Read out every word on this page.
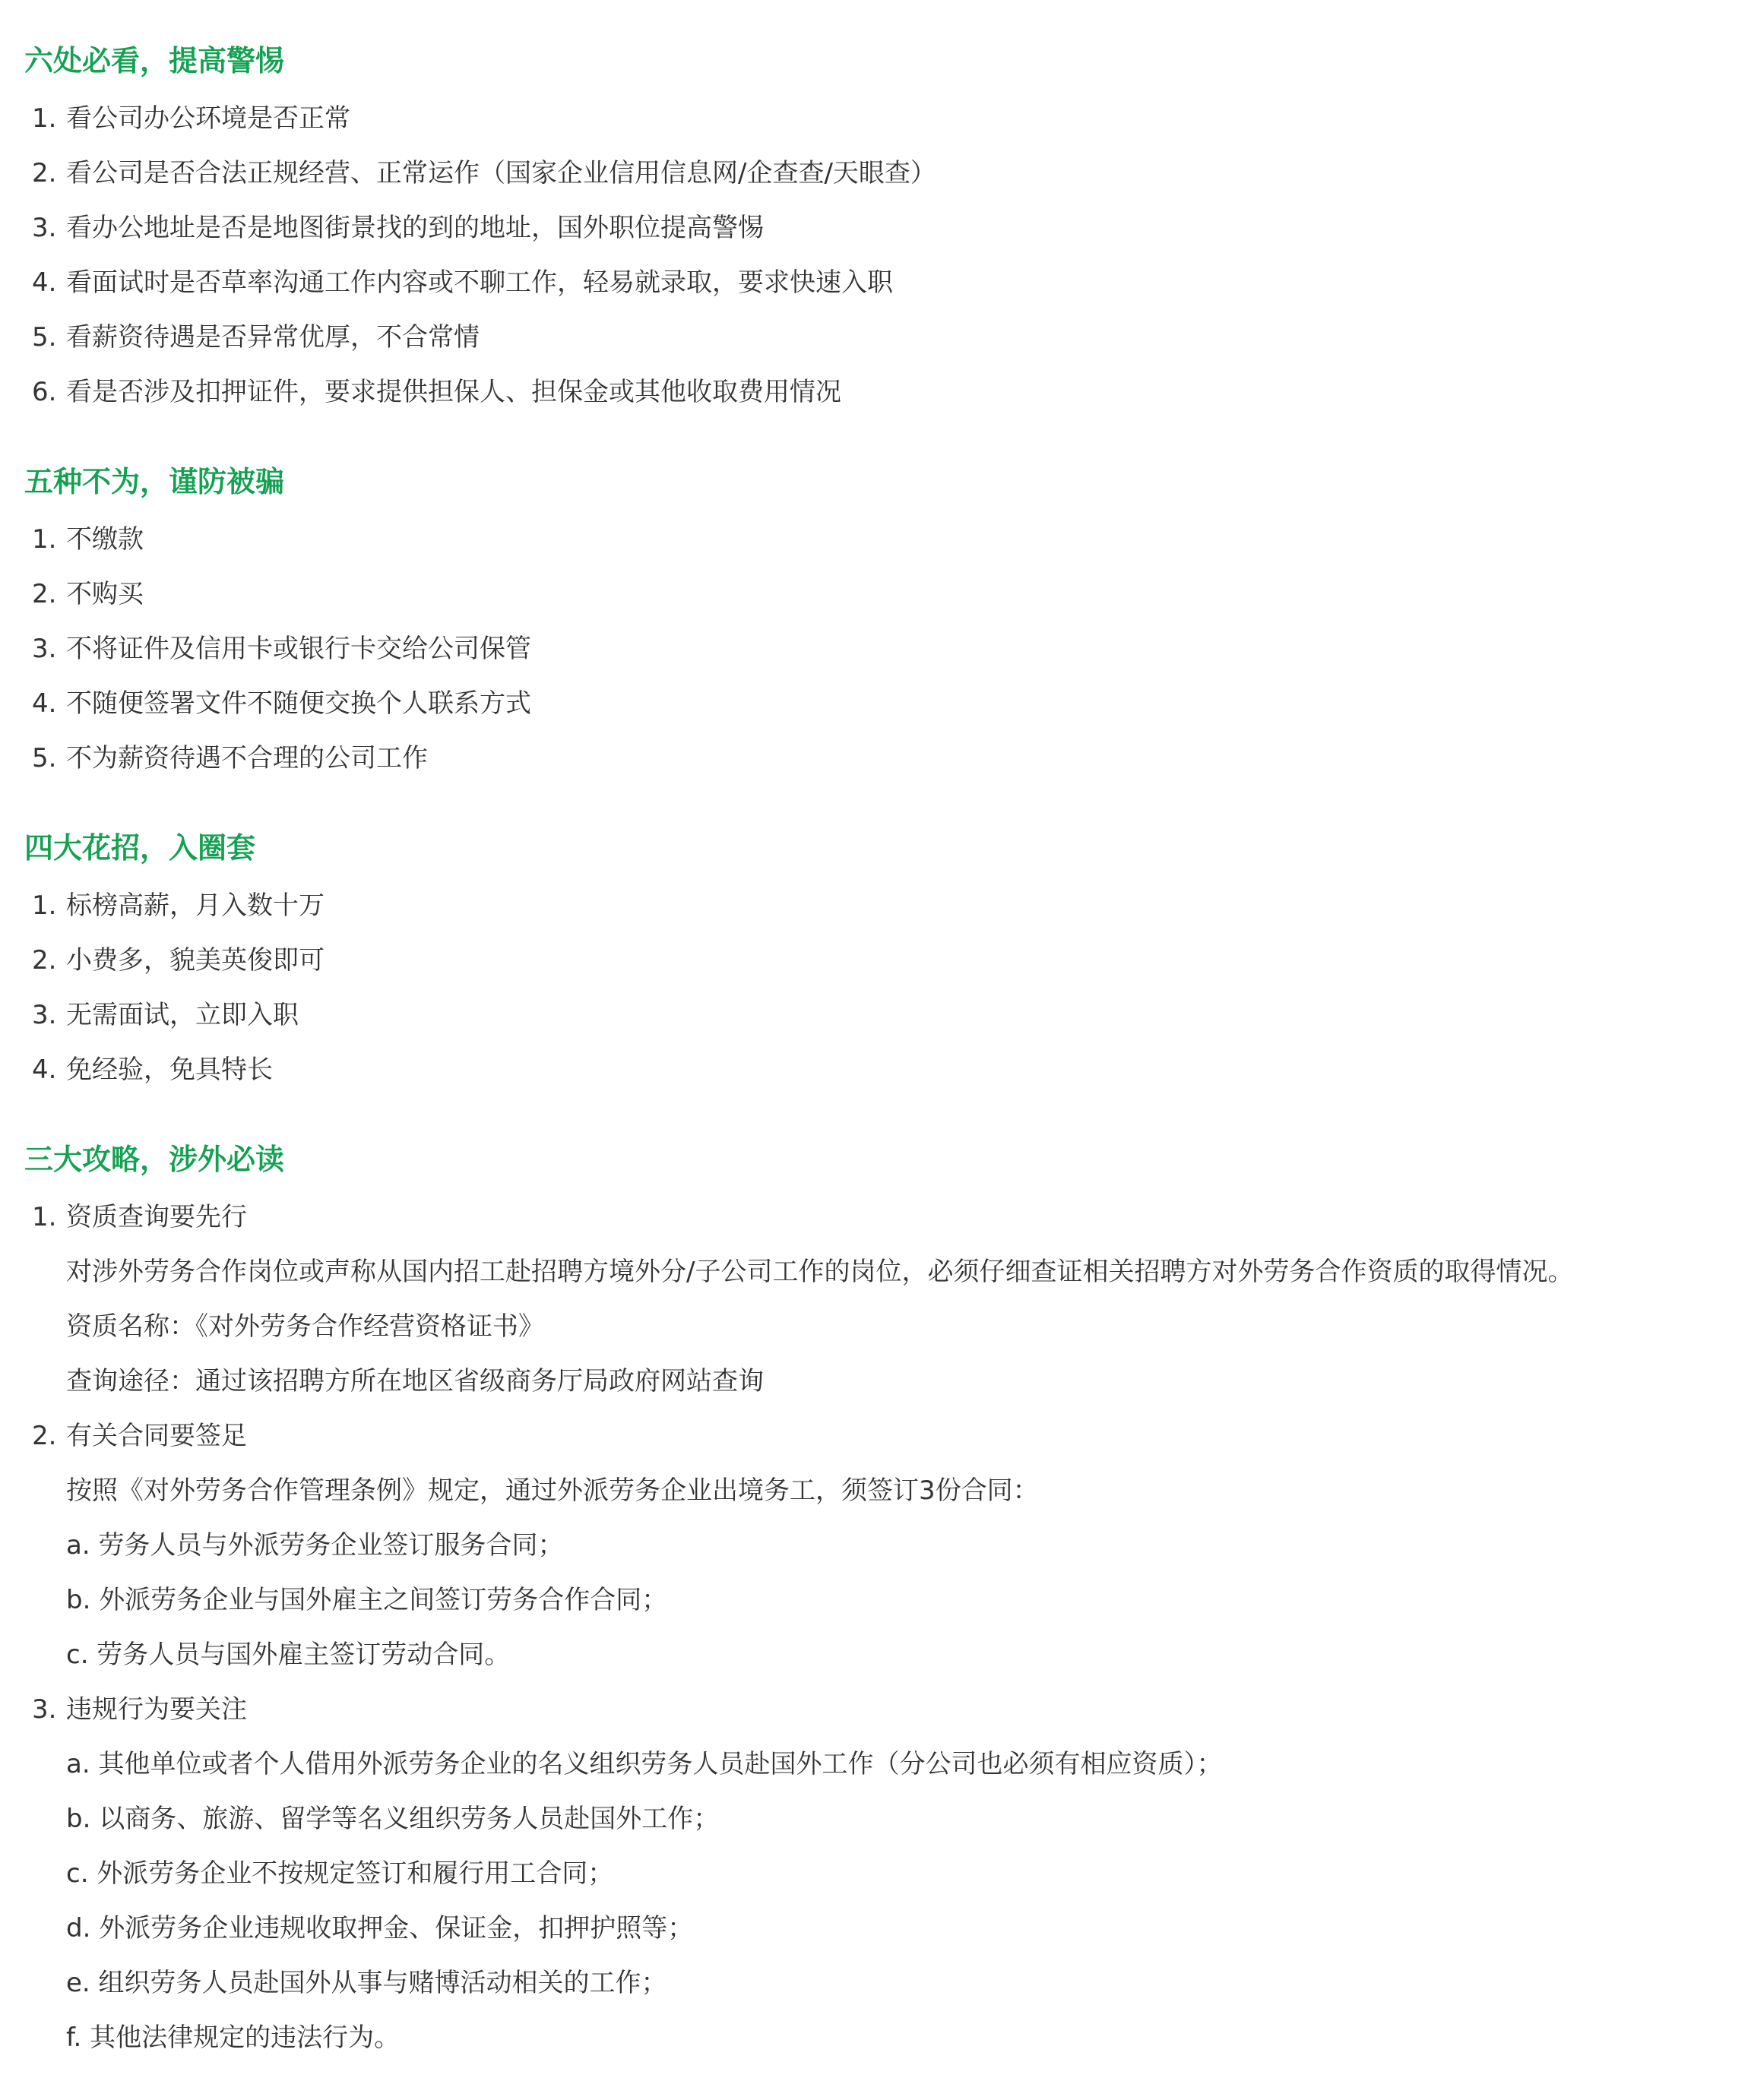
六处必看，提高警惕
1. 看公司办公环境是否正常
2. 看公司是否合法正规经营、正常运作（国家企业信用信息网/企查查/天眼查）
3. 看办公地址是否是地图街景找的到的地址，国外职位提高警惕
4. 看面试时是否草率沟通工作内容或不聊工作，轻易就录取，要求快速入职
5. 看薪资待遇是否异常优厚，不合常情
6. 看是否涉及扣押证件，要求提供担保人、担保金或其他收取费用情况
五种不为，谨防被骗
1. 不缴款
2. 不购买
3. 不将证件及信用卡或银行卡交给公司保管
4. 不随便签署文件不随便交换个人联系方式
5. 不为薪资待遇不合理的公司工作
四大花招，入圈套
1. 标榜高薪，月入数十万
2. 小费多，貌美英俊即可
3. 无需面试，立即入职
4. 免经验，免具特长
三大攻略，涉外必读
1. 资质查询要先行
对涉外劳务合作岗位或声称从国内招工赴招聘方境外分/子公司工作的岗位，必须仔细查证相关招聘方对外劳务合作资质的取得情况。
资质名称：《对外劳务合作经营资格证书》
查询途径：通过该招聘方所在地区省级商务厅局政府网站查询
2. 有关合同要签足
按照《对外劳务合作管理条例》规定，通过外派劳务企业出境务工，须签订3份合同：
a. 劳务人员与外派劳务企业签订服务合同；
b. 外派劳务企业与国外雇主之间签订劳务合作合同；
c. 劳务人员与国外雇主签订劳动合同。
3. 违规行为要关注
a. 其他单位或者个人借用外派劳务企业的名义组织劳务人员赴国外工作（分公司也必须有相应资质）；
b. 以商务、旅游、留学等名义组织劳务人员赴国外工作；
c. 外派劳务企业不按规定签订和履行用工合同；
d. 外派劳务企业违规收取押金、保证金，扣押护照等；
e. 组织劳务人员赴国外从事与赌博活动相关的工作；
f. 其他法律规定的违法行为。
